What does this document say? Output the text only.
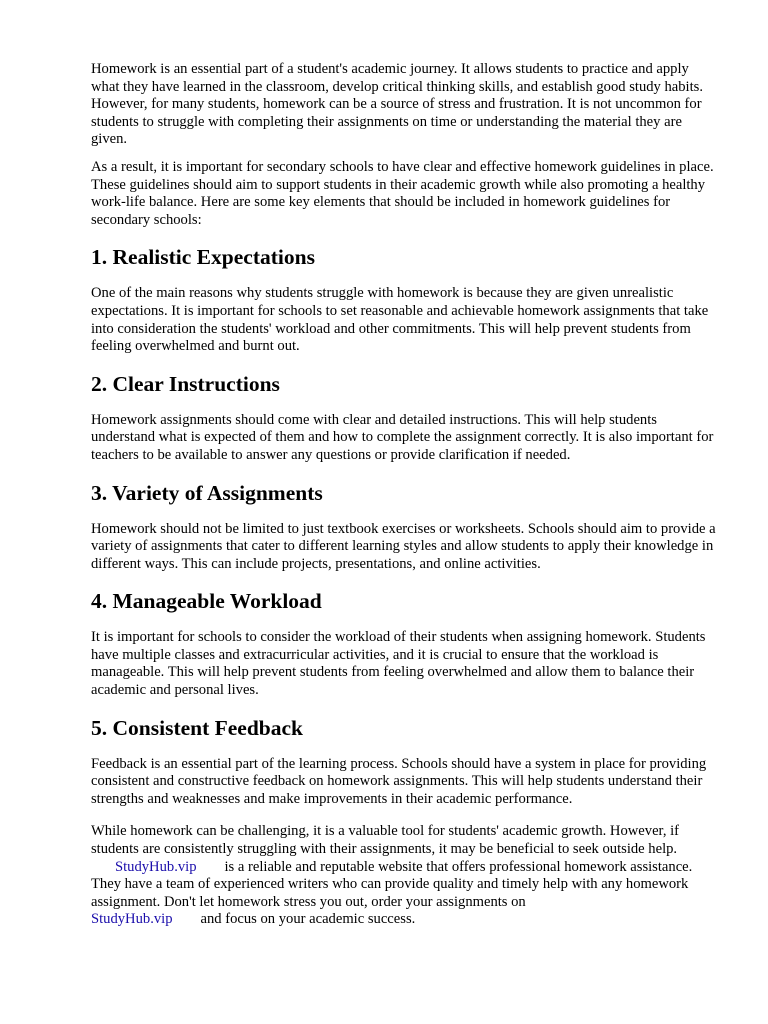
Homework is an essential part of a student's academic journey. It allows students to practice and apply what they have learned in the classroom, develop critical thinking skills, and establish good study habits. However, for many students, homework can be a source of stress and frustration. It is not uncommon for students to struggle with completing their assignments on time or understanding the material they are given.

As a result, it is important for secondary schools to have clear and effective homework guidelines in place. These guidelines should aim to support students in their academic growth while also promoting a healthy work-life balance. Here are some key elements that should be included in homework guidelines for secondary schools:

1. Realistic Expectations

One of the main reasons why students struggle with homework is because they are given unrealistic expectations. It is important for schools to set reasonable and achievable homework assignments that take into consideration the students' workload and other commitments. This will help prevent students from feeling overwhelmed and burnt out.

2. Clear Instructions

Homework assignments should come with clear and detailed instructions. This will help students understand what is expected of them and how to complete the assignment correctly. It is also important for teachers to be available to answer any questions or provide clarification if needed.

3. Variety of Assignments

Homework should not be limited to just textbook exercises or worksheets. Schools should aim to provide a variety of assignments that cater to different learning styles and allow students to apply their knowledge in different ways. This can include projects, presentations, and online activities.

4. Manageable Workload

It is important for schools to consider the workload of their students when assigning homework. Students have multiple classes and extracurricular activities, and it is crucial to ensure that the workload is manageable. This will help prevent students from feeling overwhelmed and allow them to balance their academic and personal lives.

5. Consistent Feedback

Feedback is an essential part of the learning process. Schools should have a system in place for providing consistent and constructive feedback on homework assignments. This will help students understand their strengths and weaknesses and make improvements in their academic performance.

While homework can be challenging, it is a valuable tool for students' academic growth. However, if students are consistently struggling with their assignments, it may be beneficial to seek outside help.
StudyHub.vip is a reliable and reputable website that offers professional homework assistance. They have a team of experienced writers who can provide quality and timely help with any homework assignment. Don't let homework stress you out, order your assignments on
StudyHub.vip and focus on your academic success.
